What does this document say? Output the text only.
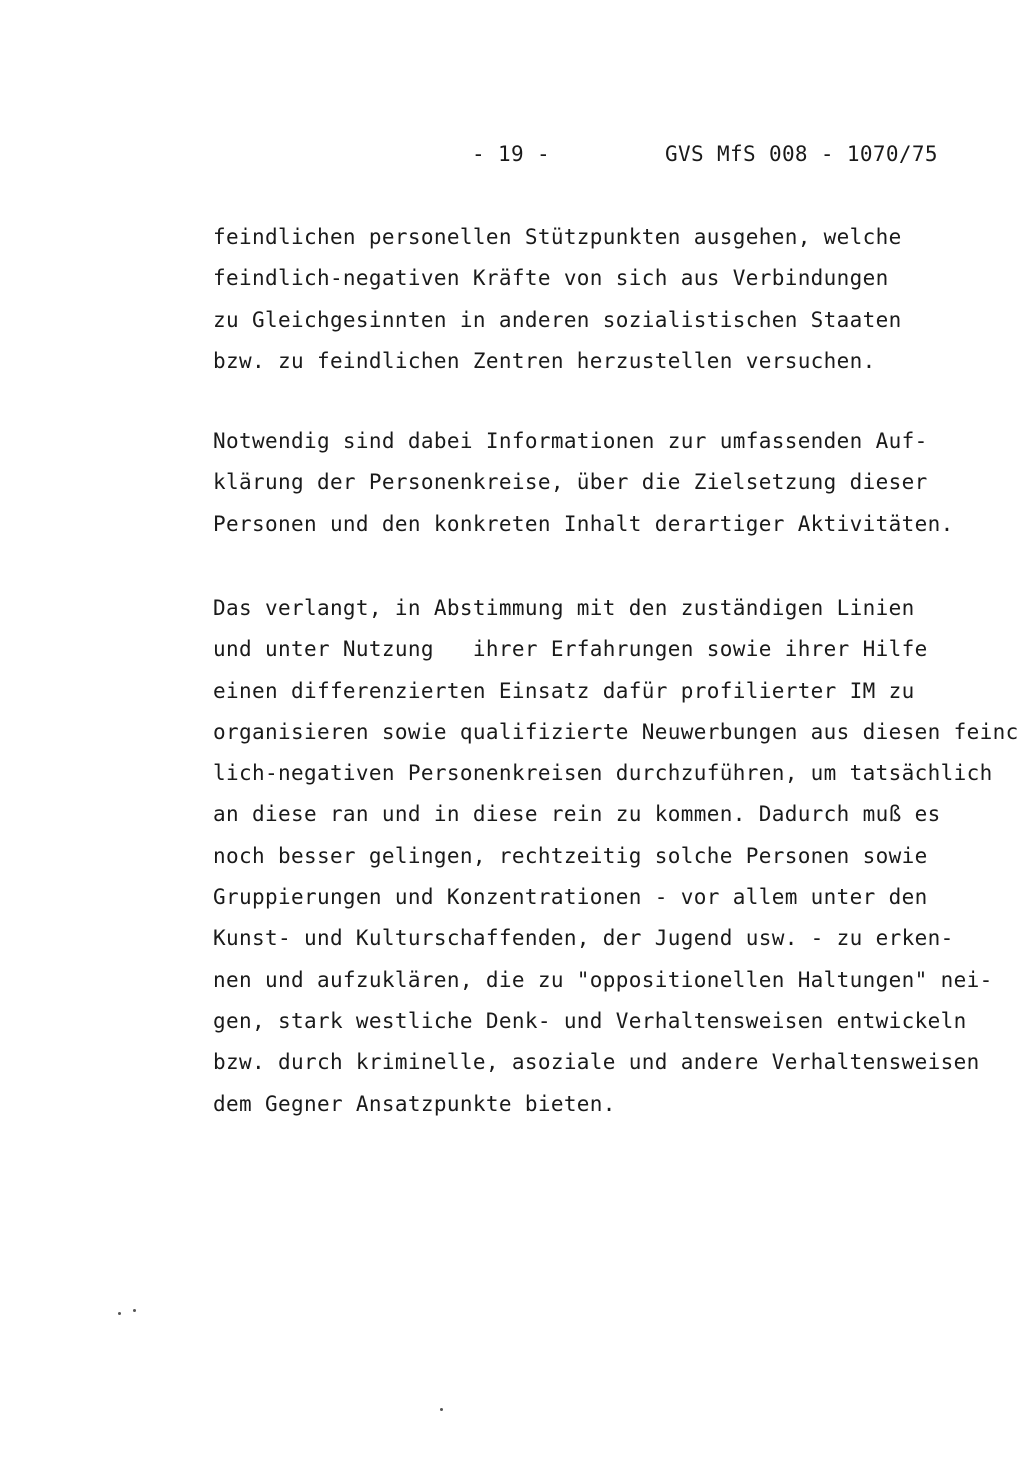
- 19 -	GVS MfS 008 - 1070/75
feindlichen personellen Stützpunkten ausgehen, welche
feindlich-negativen Kräfte von sich aus Verbindungen
zu Gleichgesinnten in anderen sozialistischen Staaten
bzw. zu feindlichen Zentren herzustellen versuchen.
Notwendig sind dabei Informationen zur umfassenden Auf-
klärung der Personenkreise, über die Zielsetzung dieser
Personen und den konkreten Inhalt derartiger Aktivitäten.
Das verlangt, in Abstimmung mit den zuständigen Linien
und unter Nutzung   ihrer Erfahrungen sowie ihrer Hilfe
einen differenzierten Einsatz dafür profilierter IM zu
organisieren sowie qualifizierte Neuwerbungen aus diesen feinc
lich-negativen Personenkreisen durchzuführen, um tatsächlich
an diese ran und in diese rein zu kommen. Dadurch muß es
noch besser gelingen, rechtzeitig solche Personen sowie
Gruppierungen und Konzentrationen - vor allem unter den
Kunst- und Kulturschaffenden, der Jugend usw. - zu erken-
nen und aufzuklären, die zu "oppositionellen Haltungen" nei-
gen, stark westliche Denk- und Verhaltensweisen entwickeln
bzw. durch kriminelle, asoziale und andere Verhaltensweisen
dem Gegner Ansatzpunkte bieten.
